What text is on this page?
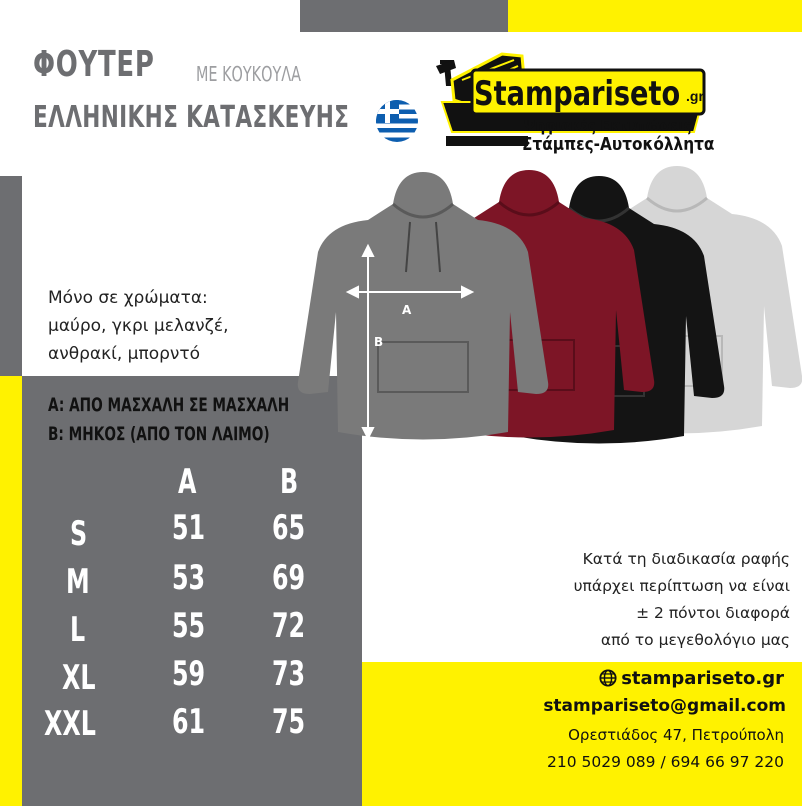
ΦΟΥΤΕΡ ΜΕ ΚΟΥΚΟΥΛΑ
ΕΛΛΗΝΙΚΗΣ ΚΑΤΑΣΚΕΥΗΣ
Stampariseto .gr
Ψηφιακές Εκτυπώσεις
Στάμπες-Αυτοκόλλητα
Μόνο σε χρώματα:
μαύρο, γκρι μελανζέ,
ανθρακί, μπορντό
A
B
A: ΑΠΟ ΜΑΣΧΑΛΗ ΣΕ ΜΑΣΧΑΛΗ
B: ΜΗΚΟΣ (ΑΠΟ ΤΟΝ ΛΑΙΜΟ)
A B
S 51 65
M 53 69
L	55 72
XL 59 73
XXL 61 75
Κατά τη διαδικασία ραφής
υπάρχει περίπτωση να είναι
± 2 πόντοι διαφορά
από το μεγεθολόγιο μας
stampariseto.gr
stampariseto@gmail.com
Ορεστιάδος 47, Πετρούπολη
210 5029 089 / 694 66 97 220
